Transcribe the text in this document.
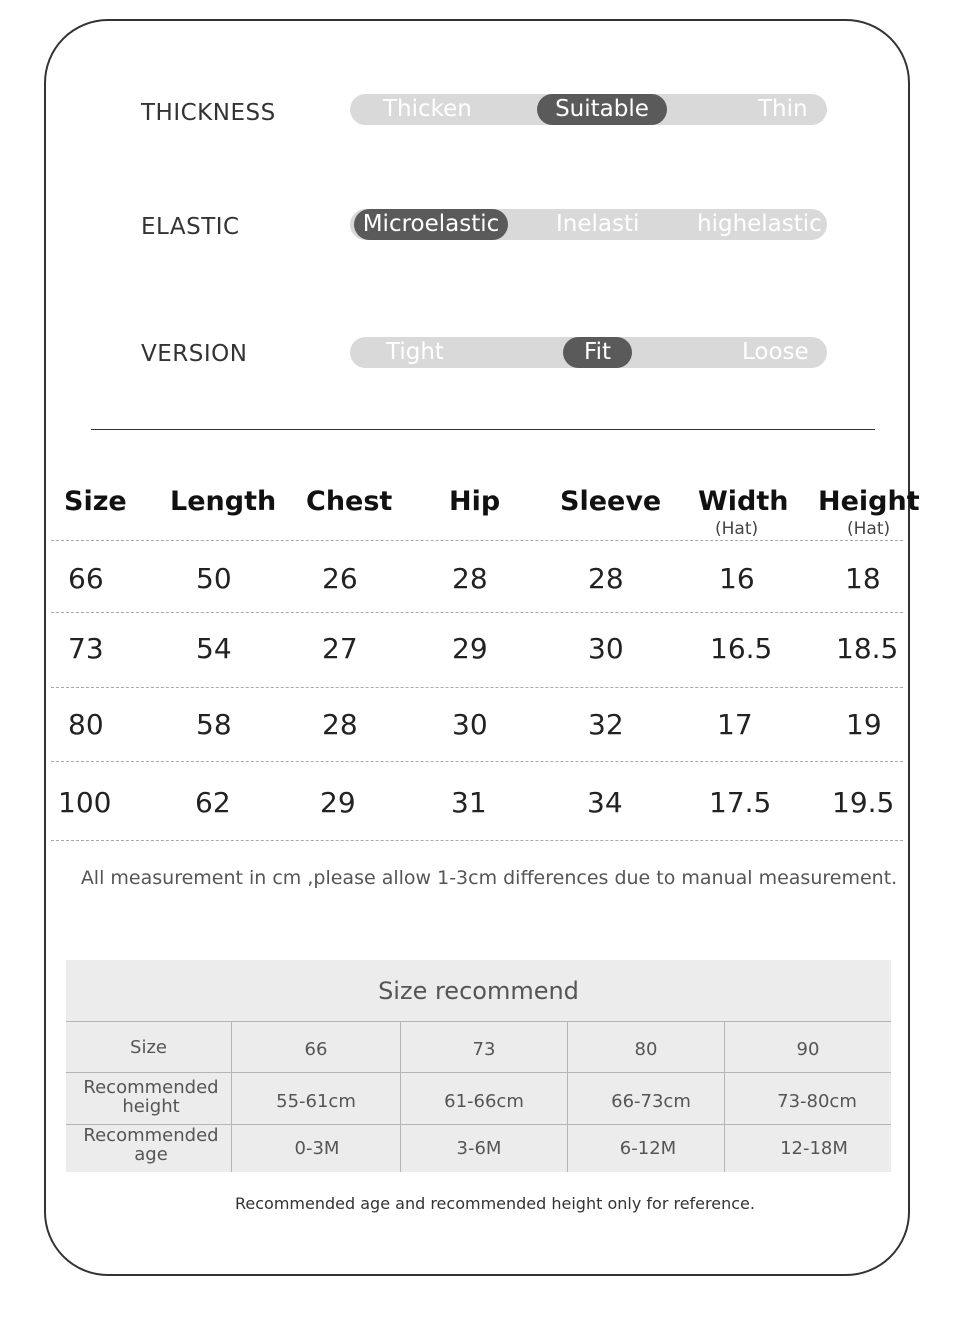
THICKNESS	Thicken	Suitable	Thin
ELASTIC	Microelastic	Inelasti	highelastic
VERSION	Tight	Fit	Loose
Size Length Chest Hip Sleeve Width Height
(Hat)	(Hat)
66	50	26	28	28	16	18
73	54	27	29	30	16.5 18.5
80	58	28	30	32	17	19
100	62	29	31	34	17.5 19.5
All measurement in cm ,please allow 1-3cm differences due to manual measurement.
Size recommend
Size	66	73	80	90
Recommended
height	55-61cm	61-66cm	66-73cm	73-80cm
Recommended
age	0-3M	3-6M	6-12M	12-18M
Recommended age and recommended height only for reference.
